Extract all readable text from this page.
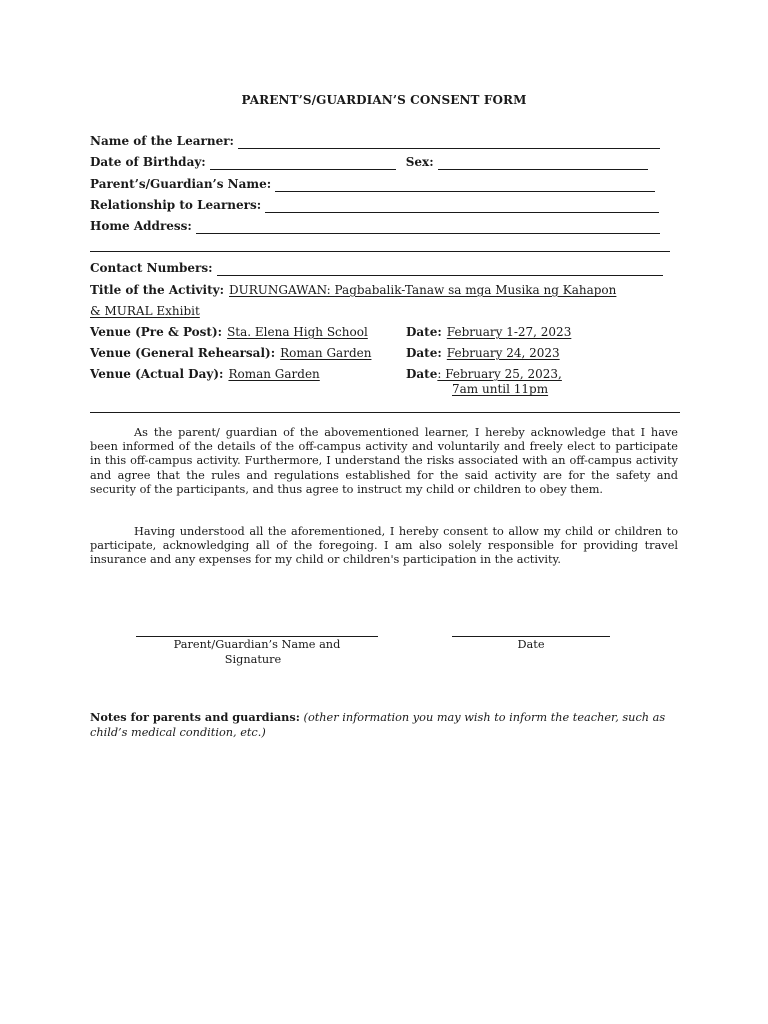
PARENT’S/GUARDIAN’S CONSENT FORM
Name of the Learner:
Date of Birthday:	Sex:
Parent’s/Guardian’s Name:
Relationship to Learners:
Home Address:
Contact Numbers:
Title of the Activity: DURUNGAWAN: Pagbabalik-Tanaw sa mga Musika ng Kahapon
& MURAL Exhibit
Venue (Pre & Post): Sta. Elena High School	Date: February 1-27, 2023
Venue (General Rehearsal): Roman Garden	Date: February 24, 2023
Venue (Actual Day): Roman Garden	Date : February 25, 2023,
7am until 11pm
As the parent/ guardian of the abovementioned learner, I hereby acknowledge that I have been informed of the details of the off-campus activity and voluntarily and freely elect to participate in this off-campus activity. Furthermore, I understand the risks associated with an off-campus activity and agree that the rules and regulations established for the said activity are for the safety and security of the participants, and thus agree to instruct my child or children to obey them.
Having understood all the aforementioned, I hereby consent to allow my child or children to participate, acknowledging all of the foregoing. I am also solely responsible for providing travel insurance and any expenses for my child or children's participation in the activity.
Parent/Guardian’s Name and
Signature
Date
Notes for parents and guardians: (other information you may wish to inform the teacher, such as child’s medical condition, etc.)
